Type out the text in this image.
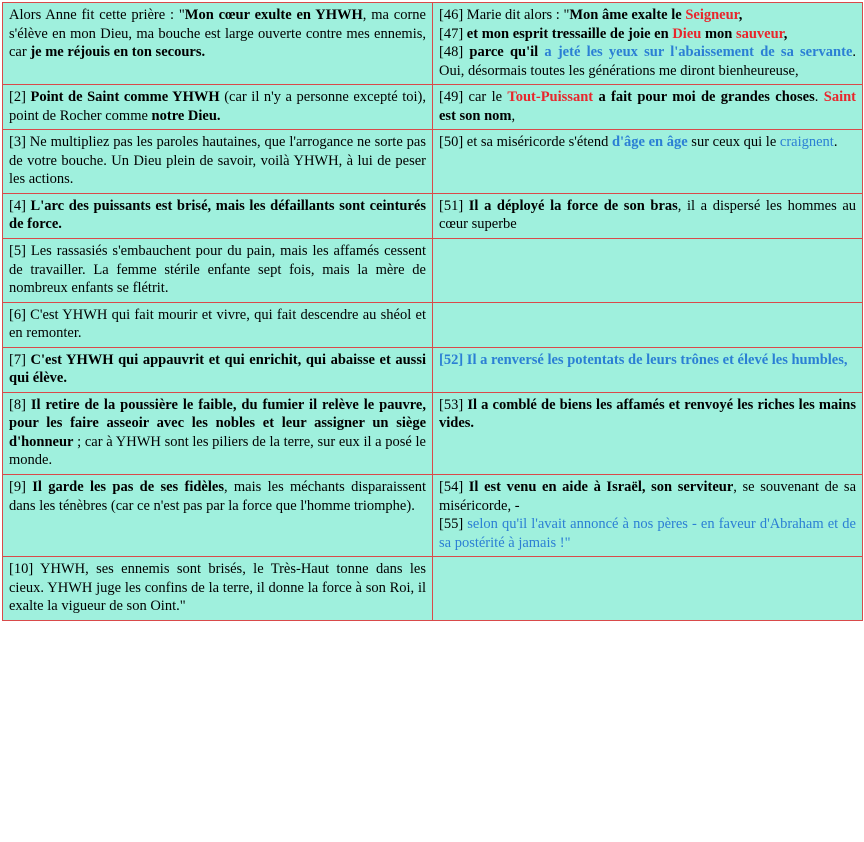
Alors Anne fit cette prière : "Mon cœur exulte en YHWH, ma corne s'élève en mon Dieu, ma bouche est large ouverte contre mes ennemis, car je me réjouis en ton secours.	[46] Marie dit alors : "Mon âme exalte le Seigneur,
[47] et mon esprit tressaille de joie en Dieu mon sauveur,
[48] parce qu'il a jeté les yeux sur l'abaissement de sa servante. Oui, désormais toutes les générations me diront bienheureuse,
[2] Point de Saint comme YHWH (car il n'y a personne excepté toi), point de Rocher comme notre Dieu.	[49] car le Tout-Puissant a fait pour moi de grandes choses. Saint est son nom,
[3] Ne multipliez pas les paroles hautaines, que l'arrogance ne sorte pas de votre bouche. Un Dieu plein de savoir, voilà YHWH, à lui de peser les actions.	[50] et sa miséricorde s'étend d'âge en âge sur ceux qui le craignent.
[4] L'arc des puissants est brisé, mais les défaillants sont ceinturés de force.	[51] Il a déployé la force de son bras, il a dispersé les hommes au cœur superbe
[5] Les rassasiés s'embauchent pour du pain, mais les affamés cessent de travailler. La femme stérile enfante sept fois, mais la mère de nombreux enfants se flétrit.	
[6] C'est YHWH qui fait mourir et vivre, qui fait descendre au shéol et en remonter.	
[7] C'est YHWH qui appauvrit et qui enrichit, qui abaisse et aussi qui élève.	[52] Il a renversé les potentats de leurs trônes et élevé les humbles,
[8] Il retire de la poussière le faible, du fumier il relève le pauvre, pour les faire asseoir avec les nobles et leur assigner un siège d'honneur ; car à YHWH sont les piliers de la terre, sur eux il a posé le monde.	[53] Il a comblé de biens les affamés et renvoyé les riches les mains vides.
[9] Il garde les pas de ses fidèles, mais les méchants disparaissent dans les ténèbres (car ce n'est pas par la force que l'homme triomphe).	[54] Il est venu en aide à Israël, son serviteur, se souvenant de sa miséricorde, -
[55] selon qu'il l'avait annoncé à nos pères - en faveur d'Abraham et de sa postérité à jamais !"
[10] YHWH, ses ennemis sont brisés, le Très-Haut tonne dans les cieux. YHWH juge les confins de la terre, il donne la force à son Roi, il exalte la vigueur de son Oint."	
